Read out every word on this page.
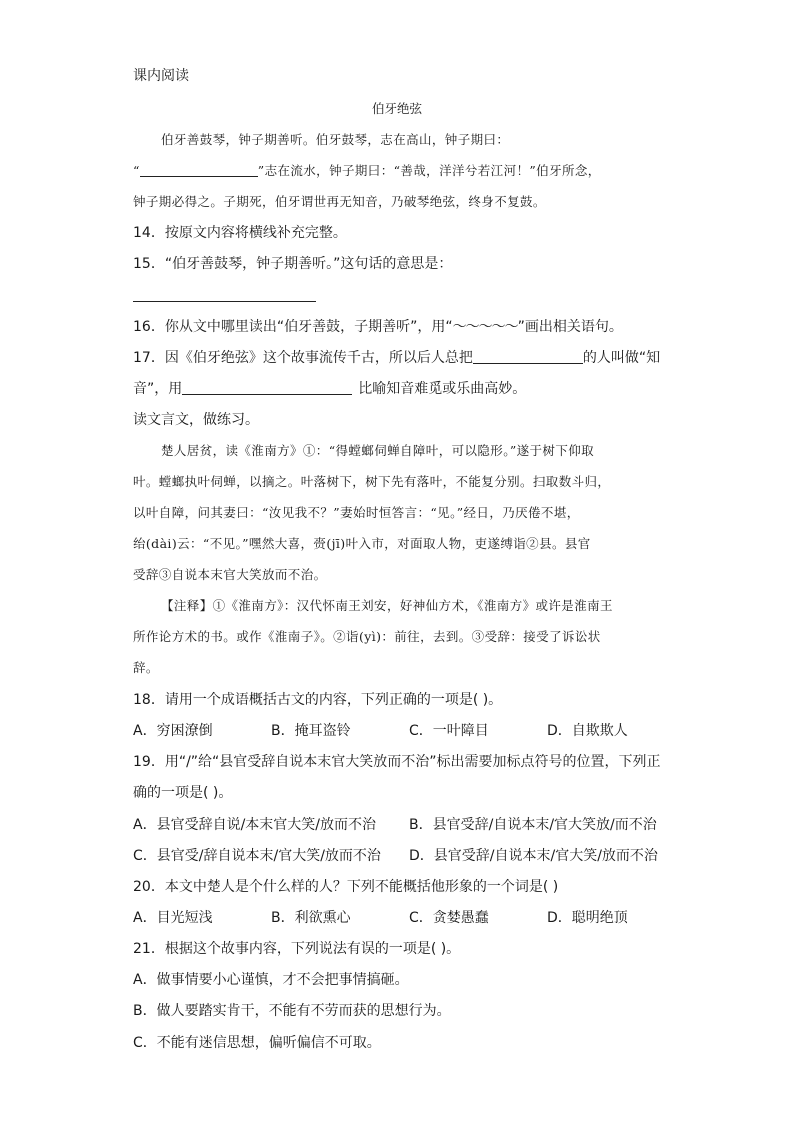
课内阅读
伯牙绝弦
伯牙善鼓琴，钟子期善听。伯牙鼓琴，志在高山，钟子期曰：
“	”志在流水，钟子期曰：“善哉，洋洋兮若江河！”伯牙所念，
钟子期必得之。子期死，伯牙谓世再无知音，乃破琴绝弦，终身不复鼓。
14．按原文内容将横线补充完整。
15．“伯牙善鼓琴，钟子期善听。”这句话的意思是：
16．你从文中哪里读出“伯牙善鼓，子期善听”，用“～～～～～”画出相关语句。
17．因《伯牙绝弦》这个故事流传千古，所以后人总把	的人叫做“知
音”，用	比喻知音难觅或乐曲高妙。
读文言文，做练习。
楚人居贫，读《淮南方》①：“得螳螂伺蝉自障叶，可以隐形。”遂于树下仰取
叶。螳螂执叶伺蝉，以摘之。叶落树下，树下先有落叶，不能复分别。扫取数斗归，
以叶自障，问其妻曰：“汝见我不？”妻始时恒答言：“见。”经日，乃厌倦不堪，
绐(dài)云：“不见。”嘿然大喜，赍(jī)叶入市，对面取人物，吏遂缚诣②县。县官
受辞③自说本末官大笑放而不治。
【注释】①《淮南方》：汉代怀南王刘安，好神仙方术，《淮南方》或许是淮南王
所作论方术的书。或作《淮南子》。②诣(yì)：前往，去到。③受辞：接受了诉讼状
辞。
18．请用一个成语概括古文的内容，下列正确的一项是( )。
A．穷困潦倒	B．掩耳盗铃	C．一叶障目	D．自欺欺人
19．用“/”给“县官受辞自说本末官大笑放而不治”标出需要加标点符号的位置，下列正
确的一项是( )。
A．县官受辞自说/本末官大笑/放而不治 B．县官受辞/自说本末/官大笑放/而不治
C．县官受/辞自说本末/官大笑/放而不治 D．县官受辞/自说本末/官大笑/放而不治
20．本文中楚人是个什么样的人？下列不能概括他形象的一个词是( )
A．目光短浅	B．利欲熏心	C．贪婪愚蠢	D．聪明绝顶
21．根据这个故事内容，下列说法有误的一项是( )。
A．做事情要小心谨慎，才不会把事情搞砸。
B．做人要踏实肯干，不能有不劳而获的思想行为。
C．不能有迷信思想，偏听偏信不可取。
